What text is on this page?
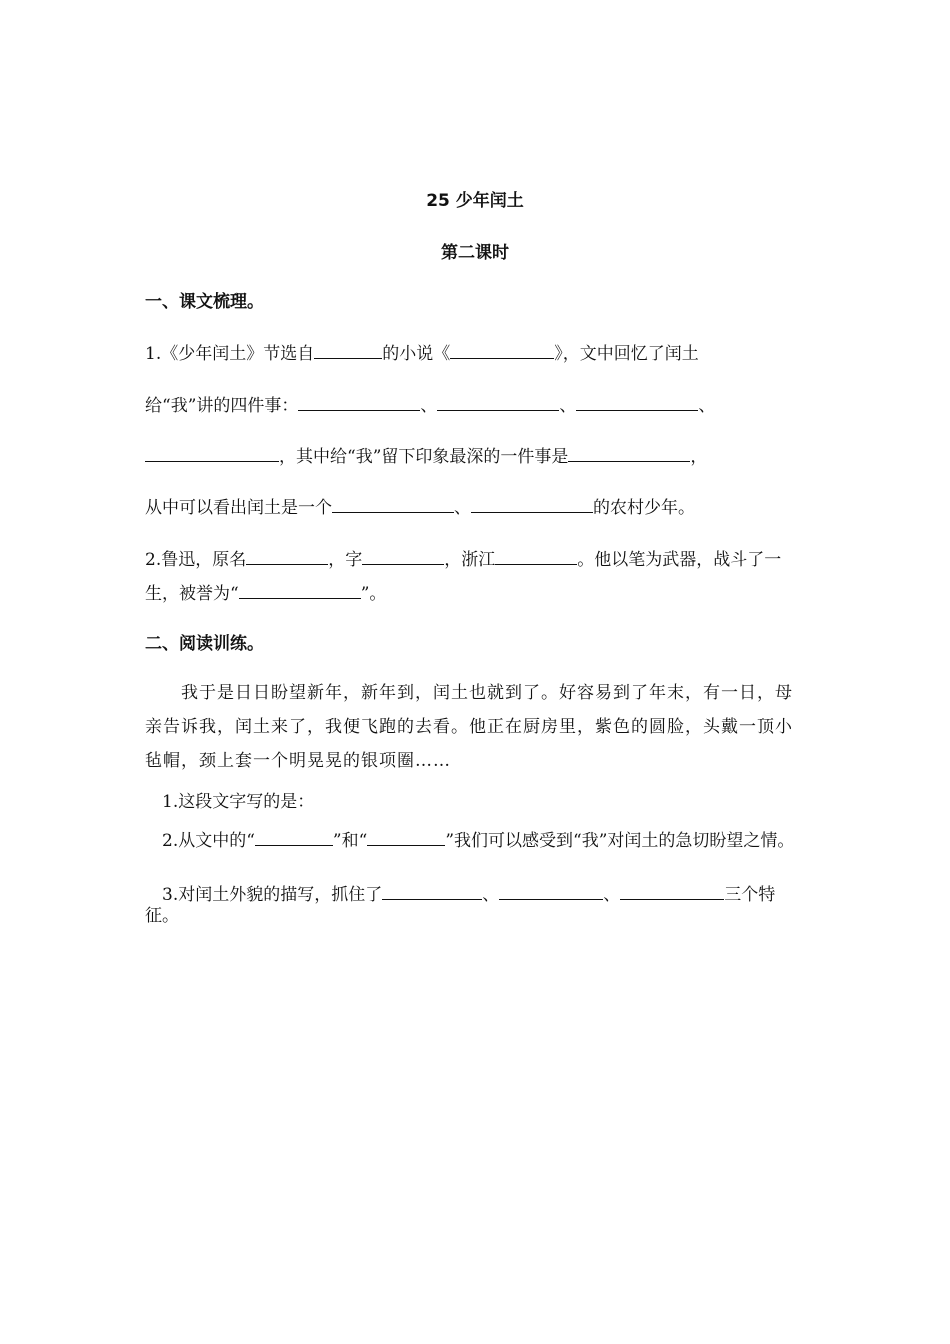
25 少年闰土
第二课时
一、课文梳理。
1.《少年闰土》节选自	的小说《	》，文中回忆了闰土
给“我”讲的四件事：	、	、	、
，其中给“我”留下印象最深的一件事是	，
从中可以看出闰土是一个	、	的农村少年。
2.鲁迅，原名	，字	，浙江	。他以笔为武器，战斗了一
生，被誉为“	”。
二、阅读训练。
我于是日日盼望新年，新年到，闰土也就到了。好容易到了年末，有一日，母亲告诉我，闰土来了，我便飞跑的去看。他正在厨房里，紫色的圆脸，头戴一顶小毡帽，颈上套一个明晃晃的银项圈……
1.这段文字写的是：
2.从文中的“	”和“	”我们可以感受到“我”对闰土的急切盼望之情。
3.对闰土外貌的描写，抓住了	、	、	三个特征。
